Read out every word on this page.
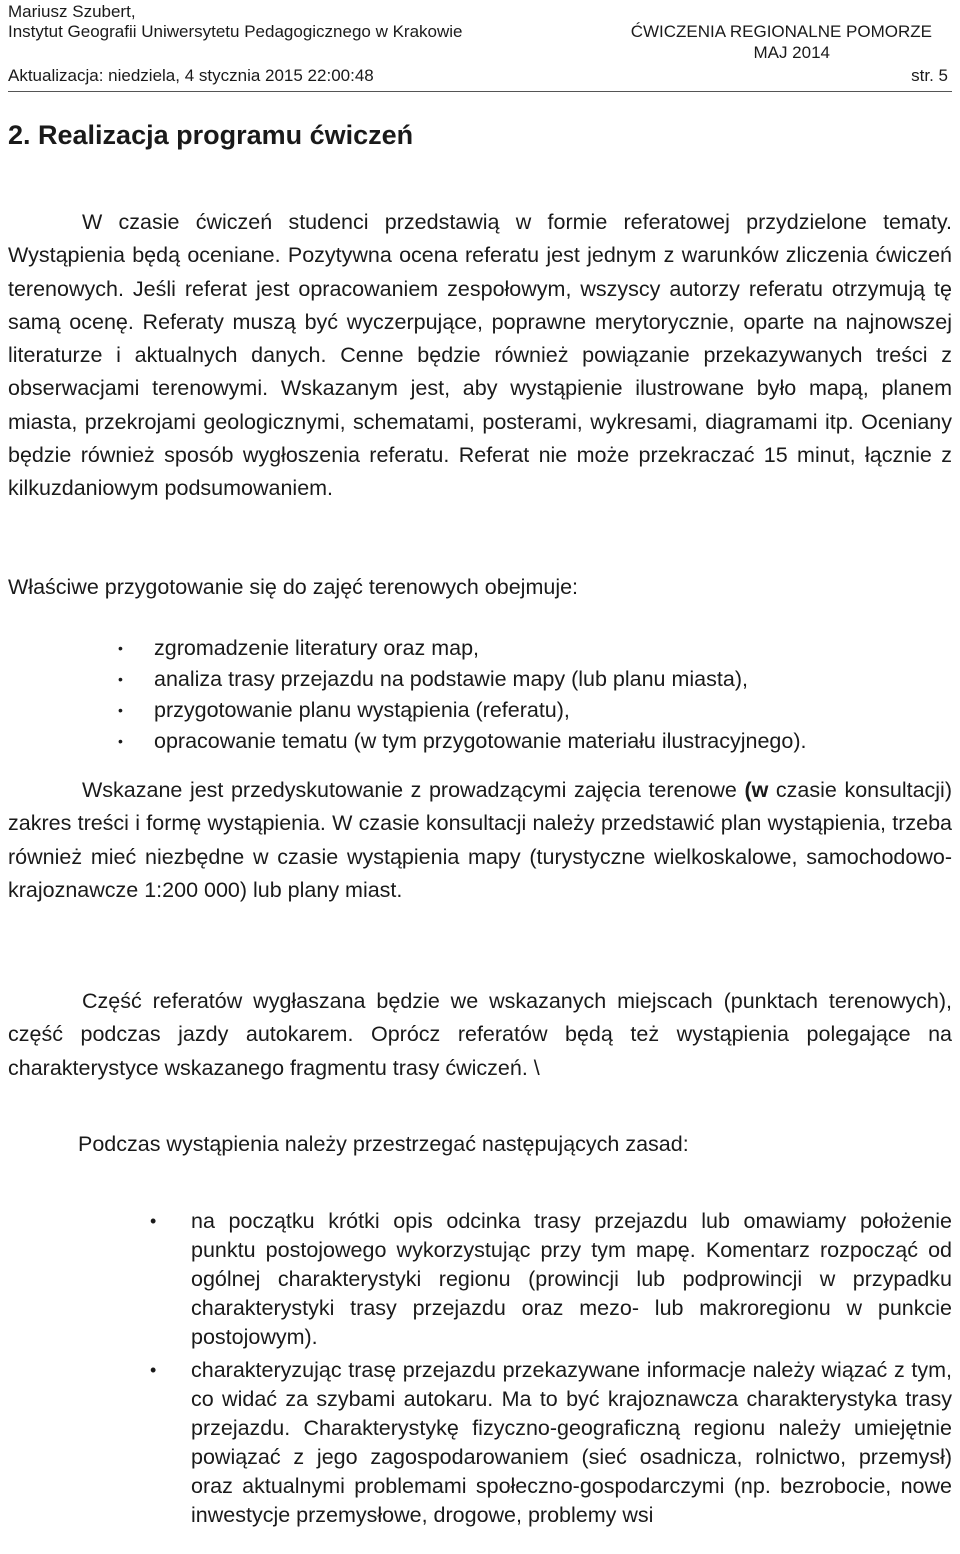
Mariusz Szubert,
Instytut Geografii Uniwersytetu Pedagogicznego w Krakowie	ĆWICZENIA REGIONALNE POMORZE
MAJ 2014
Aktualizacja: niedziela, 4 stycznia 2015 22:00:48	str. 5
2. Realizacja programu ćwiczeń

W czasie ćwiczeń studenci przedstawią w formie referatowej przydzielone tematy. Wystąpienia będą oceniane. Pozytywna ocena referatu jest jednym z warunków zliczenia ćwiczeń terenowych. Jeśli referat jest opracowaniem zespołowym, wszyscy autorzy referatu otrzymują tę samą ocenę. Referaty muszą być wyczerpujące, poprawne merytorycznie, oparte na najnowszej literaturze i aktualnych danych. Cenne będzie również powiązanie przekazywanych treści z obserwacjami terenowymi. Wskazanym jest, aby wystąpienie ilustrowane było mapą, planem miasta, przekrojami geologicznymi, schematami, posterami, wykresami, diagramami itp. Oceniany będzie również sposób wygłoszenia referatu. Referat nie może przekraczać 15 minut, łącznie z kilkuzdaniowym podsumowaniem.

Właściwe przygotowanie się do zajęć terenowych obejmuje:

• zgromadzenie literatury oraz map,
• analiza trasy przejazdu na podstawie mapy (lub planu miasta),
• przygotowanie planu wystąpienia (referatu),
• opracowanie tematu (w tym przygotowanie materiału ilustracyjnego).

Wskazane jest przedyskutowanie z prowadzącymi zajęcia terenowe (w czasie konsultacji) zakres treści i formę wystąpienia. W czasie konsultacji należy przedstawić plan wystąpienia, trzeba również mieć niezbędne w czasie wystąpienia mapy (turystyczne wielkoskalowe, samochodowo-krajoznawcze 1:200 000) lub plany miast.

Część referatów wygłaszana będzie we wskazanych miejscach (punktach terenowych), część podczas jazdy autokarem. Oprócz referatów będą też wystąpienia polegające na charakterystyce wskazanego fragmentu trasy ćwiczeń. \

Podczas wystąpienia należy przestrzegać następujących zasad:

• na początku krótki opis odcinka trasy przejazdu lub omawiamy położenie punktu postojowego wykorzystując przy tym mapę. Komentarz rozpocząć od ogólnej charakterystyki regionu (prowincji lub podprowincji w przypadku charakterystyki trasy przejazdu oraz mezo- lub makroregionu w punkcie postojowym).
• charakteryzując trasę przejazdu przekazywane informacje należy wiązać z tym, co widać za szybami autokaru. Ma to być krajoznawcza charakterystyka trasy przejazdu. Charakterystykę fizyczno-geograficzną regionu należy umiejętnie powiązać z jego zagospodarowaniem (sieć osadnicza, rolnictwo, przemysł) oraz aktualnymi problemami społeczno-gospodarczymi (np. bezrobocie, nowe inwestycje przemysłowe, drogowe, problemy wsi
